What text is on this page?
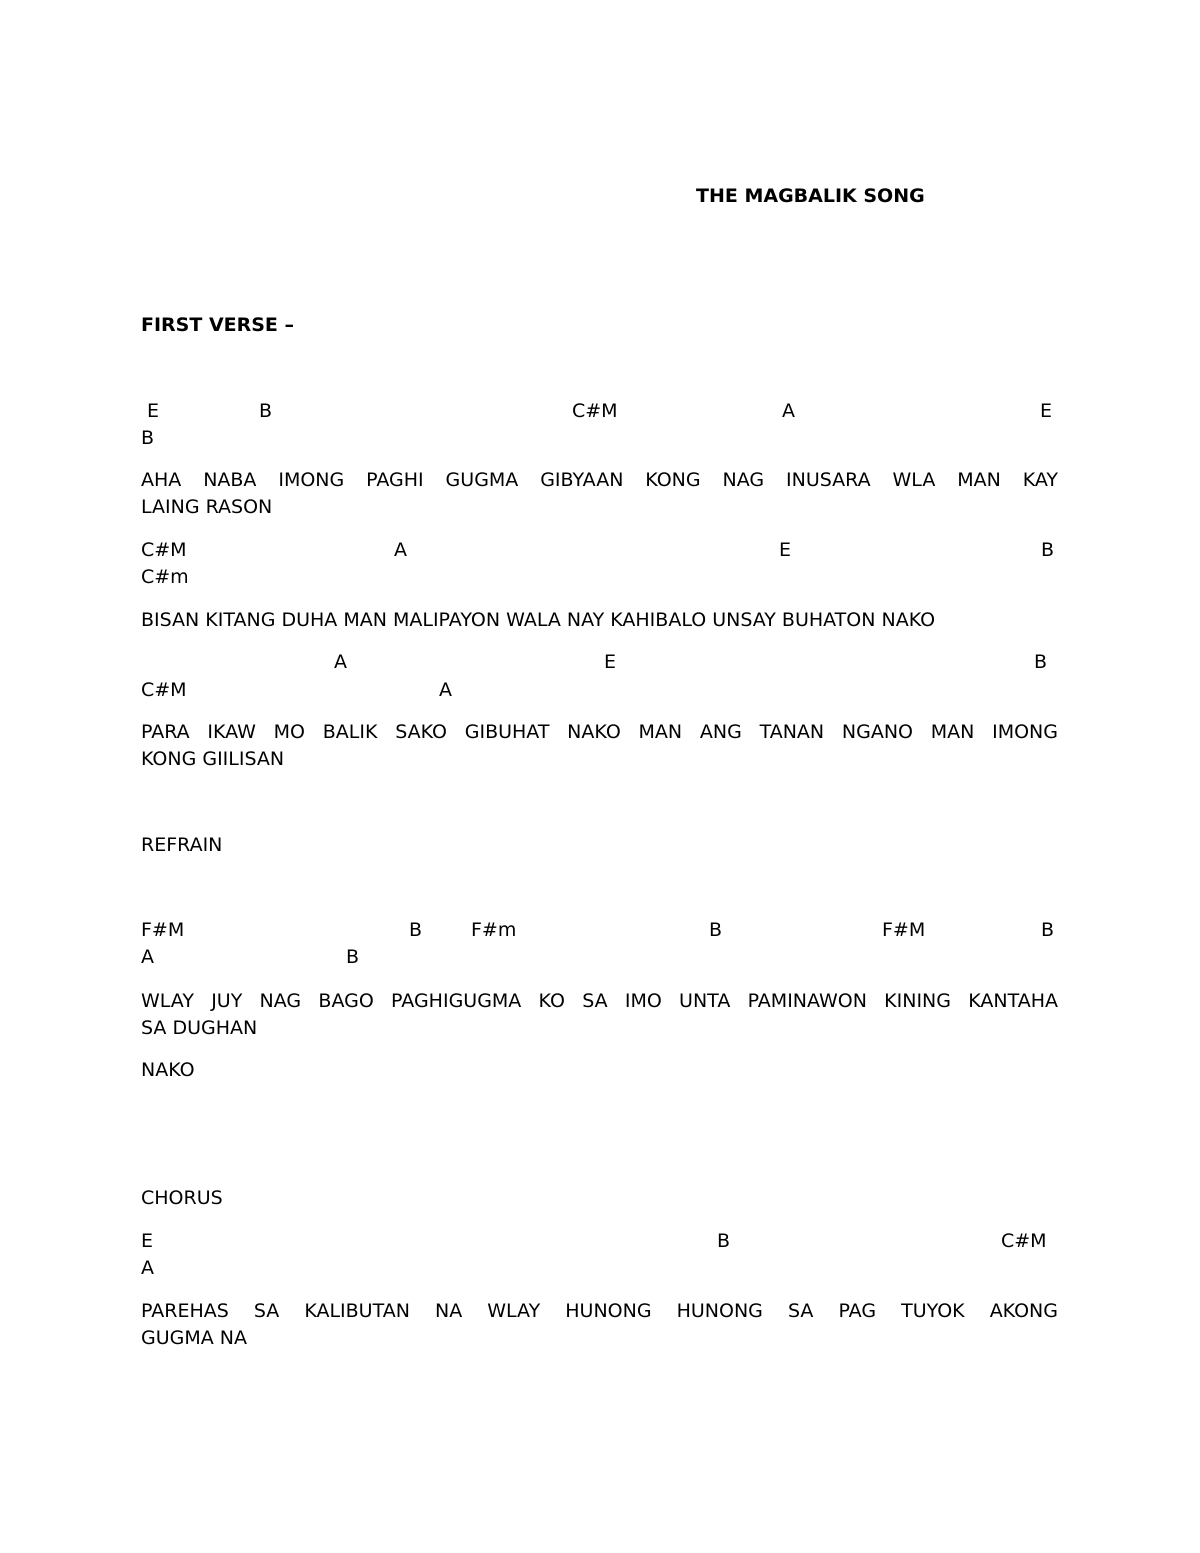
THE MAGBALIK SONG
FIRST VERSE –
E	B	C#M	A	E
B
AHA NABA IMONG PAGHI GUGMA GIBYAAN KONG NAG INUSARA WLA MAN KAY
LAING RASON
C#M	A	E	B
C#m
BISAN KITANG DUHA MAN MALIPAYON WALA NAY KAHIBALO UNSAY BUHATON NAKO
A	E	B
C#M	A
PARA IKAW MO BALIK SAKO GIBUHAT NAKO MAN ANG TANAN NGANO MAN IMONG
KONG GIILISAN
REFRAIN
F#M	B	F#m	B	F#M	B
A	B
WLAY JUY NAG BAGO PAGHIGUGMA KO SA IMO UNTA PAMINAWON KINING KANTAHA
SA DUGHAN
NAKO
CHORUS
E	B	C#M
A
PAREHAS SA KALIBUTAN NA WLAY HUNONG HUNONG SA PAG TUYOK AKONG
GUGMA NA
